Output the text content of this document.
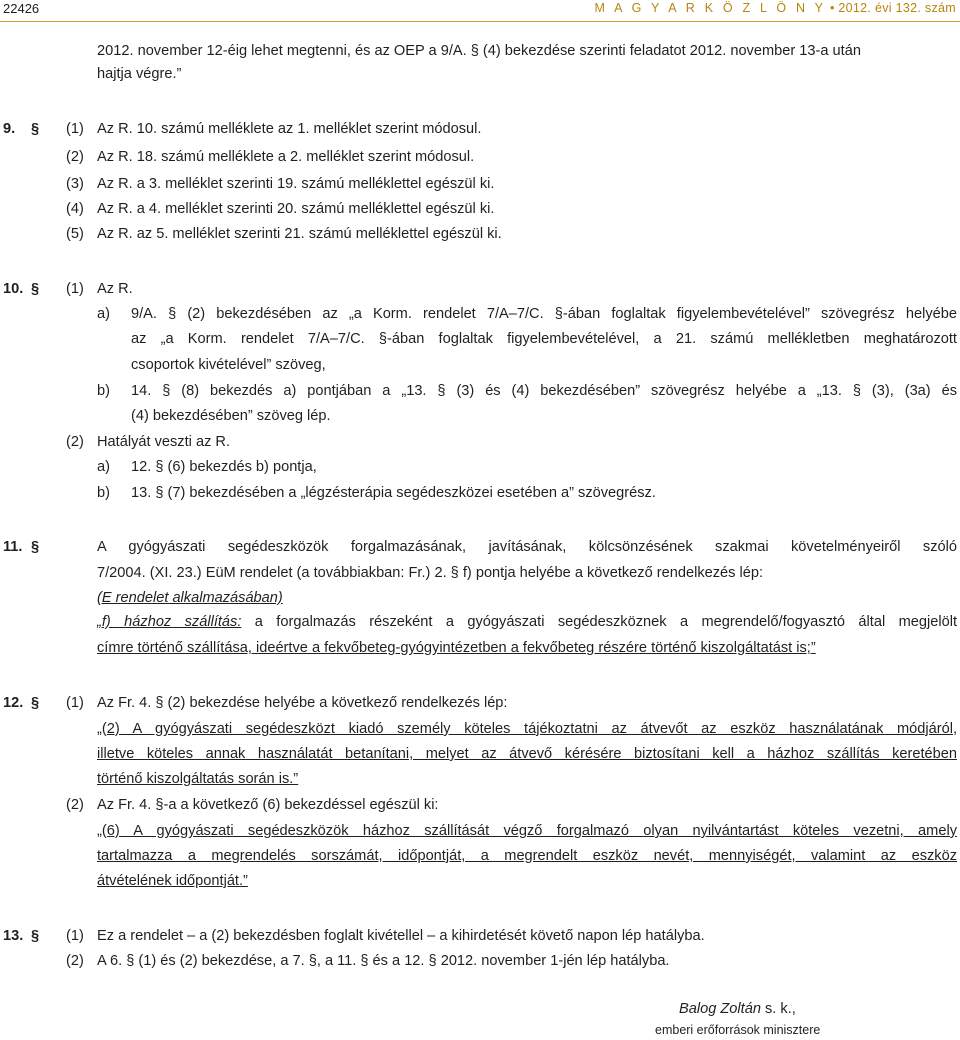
22426	M A G Y A R K Ö Z L Ö N Y • 2012. évi 132. szám
2012. november 12-éig lehet megtenni, és az OEP a 9/A. § (4) bekezdése szerinti feladatot 2012. november 13-a után
hajtja végre.”
9. § (1) Az R. 10. számú melléklete az 1. melléklet szerint módosul.
(2) Az R. 18. számú melléklete a 2. melléklet szerint módosul.
(3) Az R. a 3. melléklet szerinti 19. számú melléklettel egészül ki.
(4) Az R. a 4. melléklet szerinti 20. számú melléklettel egészül ki.
(5) Az R. az 5. melléklet szerinti 21. számú melléklettel egészül ki.
10. § (1) Az R.
a) 9/A. § (2) bekezdésében az „a Korm. rendelet 7/A–7/C. §-ában foglaltak figyelembevételével” szövegrész helyébe
az „a Korm. rendelet 7/A–7/C. §-ában foglaltak figyelembevételével, a 21. számú mellékletben meghatározott
csoportok kivételével” szöveg,
b) 14. § (8) bekezdés a) pontjában a „13. § (3) és (4) bekezdésében” szövegrész helyébe a „13. § (3), (3a) és
(4) bekezdésében” szöveg lép.
(2) Hatályát veszti az R.
a) 12. § (6) bekezdés b) pontja,
b) 13. § (7) bekezdésében a „légzésterápia segédeszközei esetében a” szövegrész.
11. §	A gyógyászati segédeszközök forgalmazásának, javításának, kölcsönzésének szakmai követelményeiről szóló
7/2004. (XI. 23.) EüM rendelet (a továbbiakban: Fr.) 2. § f) pontja helyébe a következő rendelkezés lép:
(E rendelet alkalmazásában)
„f) házhoz szállítás: a forgalmazás részeként a gyógyászati segédeszköznek a megrendelő/fogyasztó által megjelölt
címre történő szállítása, ideértve a fekvőbeteg-gyógyintézetben a fekvőbeteg részére történő kiszolgáltatást is;”
12. § (1) Az Fr. 4. § (2) bekezdése helyébe a következő rendelkezés lép:
„(2) A gyógyászati segédeszközt kiadó személy köteles tájékoztatni az átvevőt az eszköz használatának módjáról,
illetve köteles annak használatát betanítani, melyet az átvevő kérésére biztosítani kell a házhoz szállítás keretében
történő kiszolgáltatás során is.”
(2) Az Fr. 4. §-a a következő (6) bekezdéssel egészül ki:
„(6) A gyógyászati segédeszközök házhoz szállítását végző forgalmazó olyan nyilvántartást köteles vezetni, amely
tartalmazza a megrendelés sorszámát, időpontját, a megrendelt eszköz nevét, mennyiségét, valamint az eszköz
átvételének időpontját.”
13. § (1) Ez a rendelet – a (2) bekezdésben foglalt kivétellel – a kihirdetését követő napon lép hatályba.
(2) A 6. § (1) és (2) bekezdése, a 7. §, a 11. § és a 12. § 2012. november 1-jén lép hatályba.
Balog Zoltán s. k.,
emberi erőforrások minisztere
